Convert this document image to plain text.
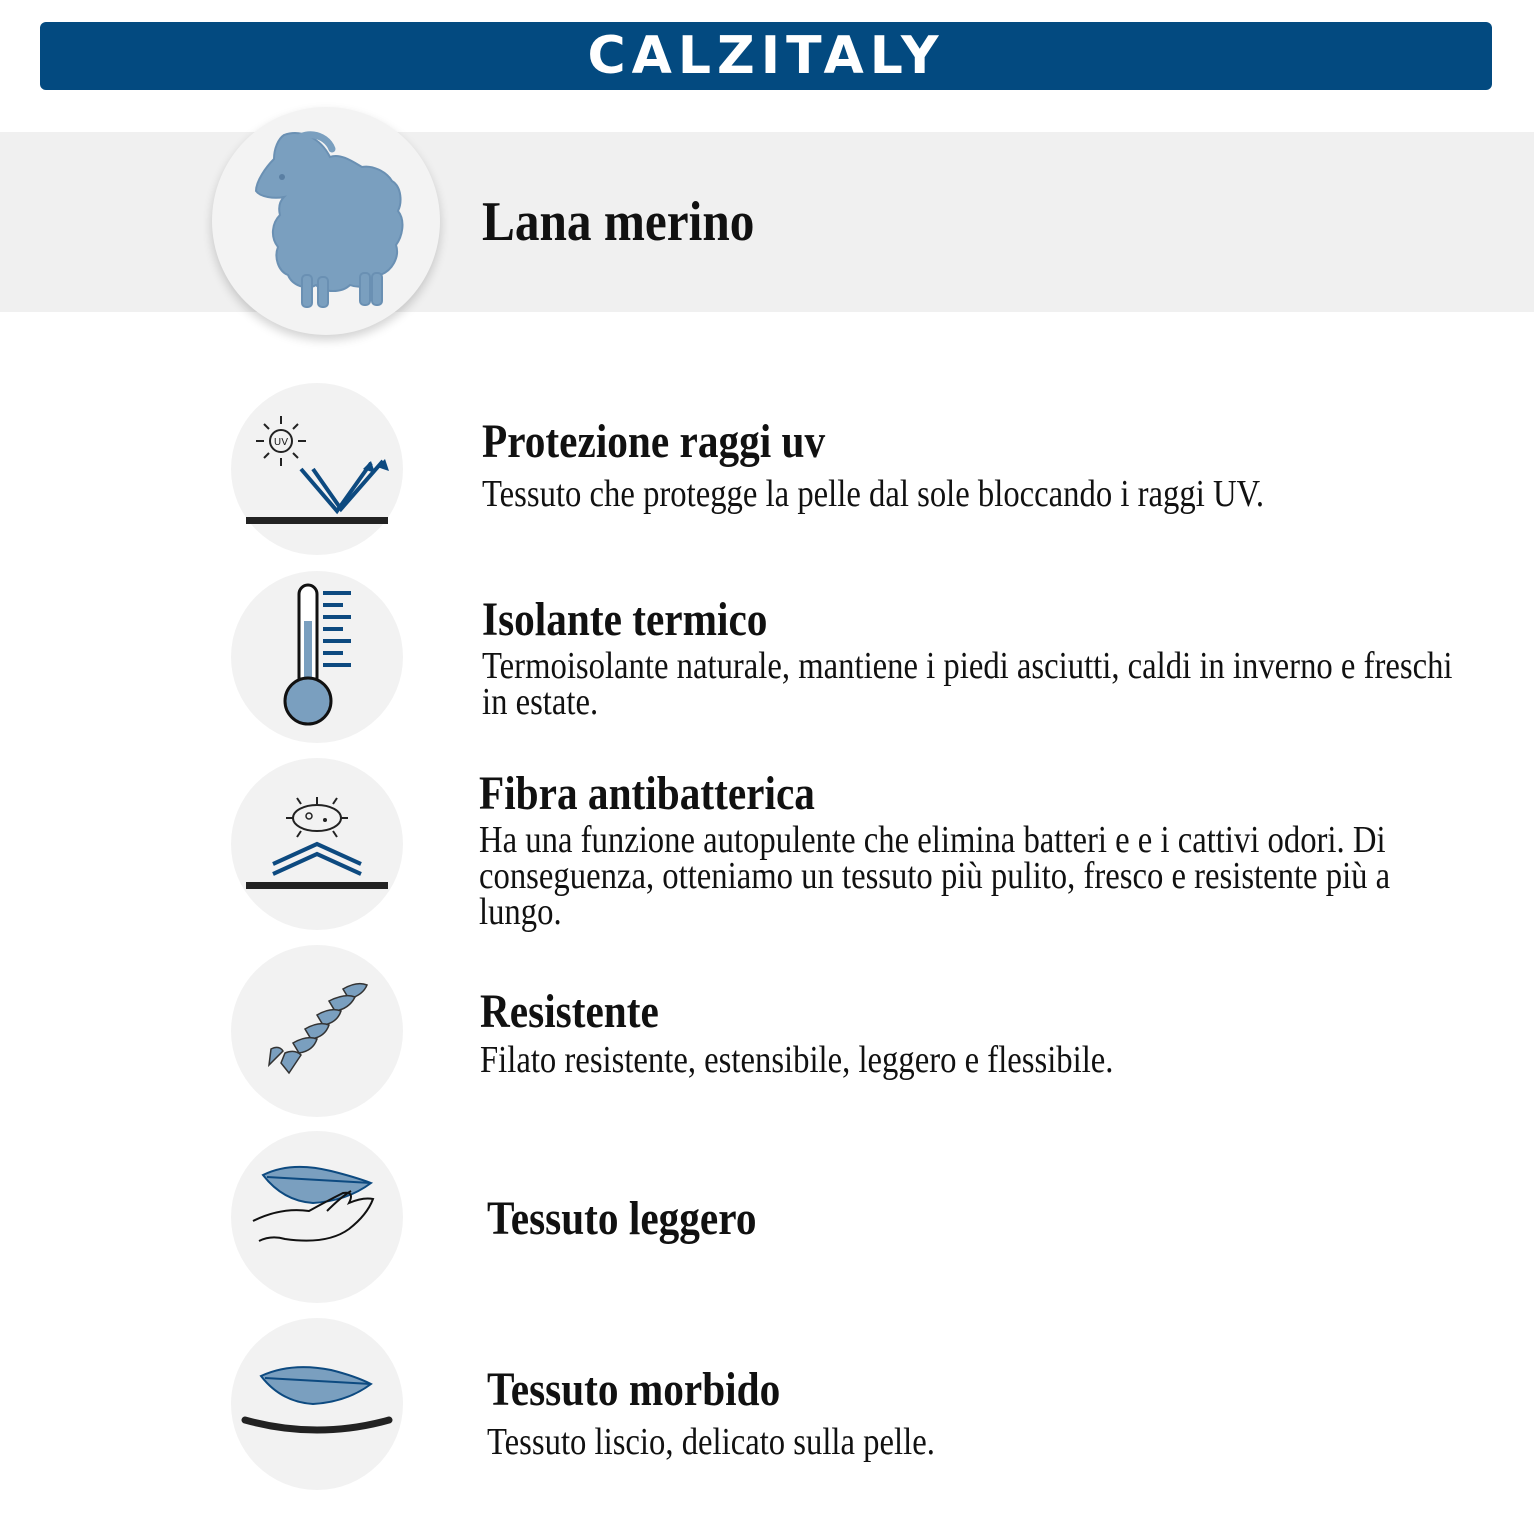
CALZITALY
Lana merino
UV	Protezione raggi uv
Tessuto che protegge la pelle dal sole bloccando i raggi UV.
Isolante termico
Termoisolante naturale, mantiene i piedi asciutti, caldi in inverno e freschi in estate.
Fibra antibatterica
Ha una funzione autopulente che elimina batteri e e i cattivi odori. Di conseguenza, otteniamo un tessuto più pulito, fresco e resistente più a lungo.
Resistente
Filato resistente, estensibile, leggero e flessibile.
Tessuto leggero
Tessuto morbido
Tessuto liscio, delicato sulla pelle.
